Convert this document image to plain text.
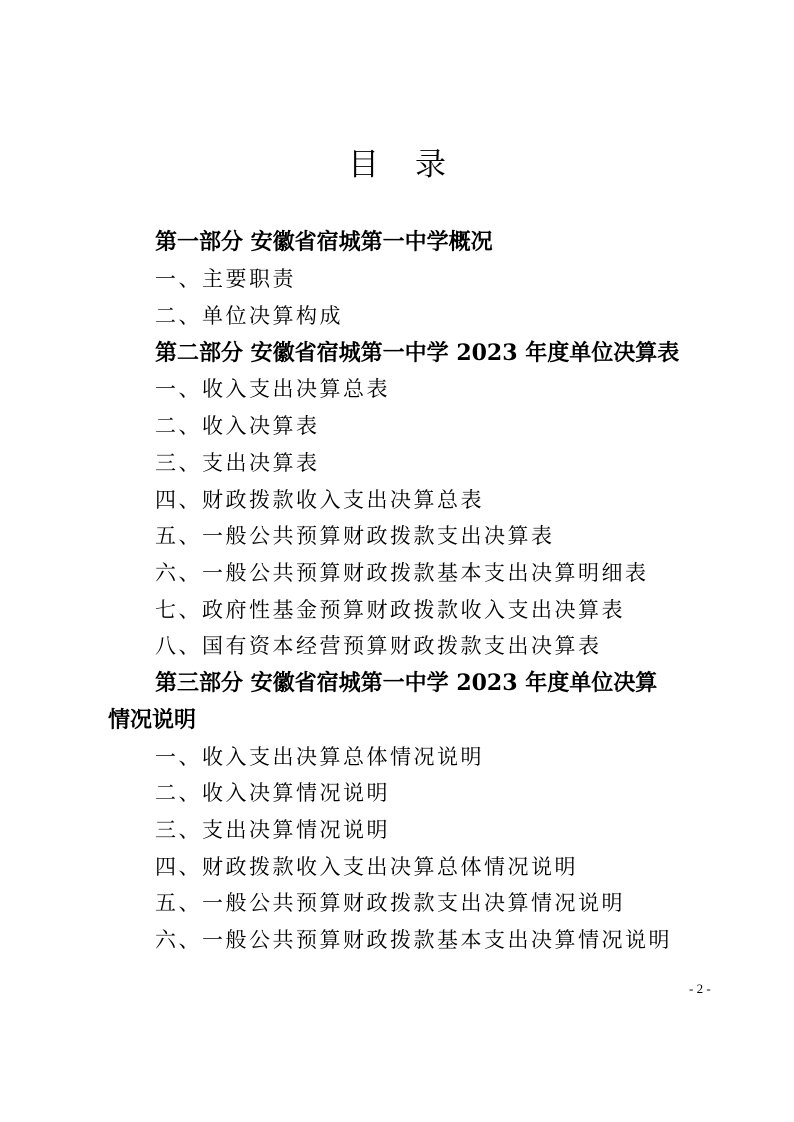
目 录
第一部分 安徽省宿城第一中学概况
一、主要职责
二、单位决算构成
第二部分 安徽省宿城第一中学 2023 年度单位决算表
一、收入支出决算总表
二、收入决算表
三、支出决算表
四、财政拨款收入支出决算总表
五、一般公共预算财政拨款支出决算表
六、一般公共预算财政拨款基本支出决算明细表
七、政府性基金预算财政拨款收入支出决算表
八、国有资本经营预算财政拨款支出决算表
第三部分 安徽省宿城第一中学 2023 年度单位决算
情况说明
一、收入支出决算总体情况说明
二、收入决算情况说明
三、支出决算情况说明
四、财政拨款收入支出决算总体情况说明
五、一般公共预算财政拨款支出决算情况说明
六、一般公共预算财政拨款基本支出决算情况说明
- 2 -
